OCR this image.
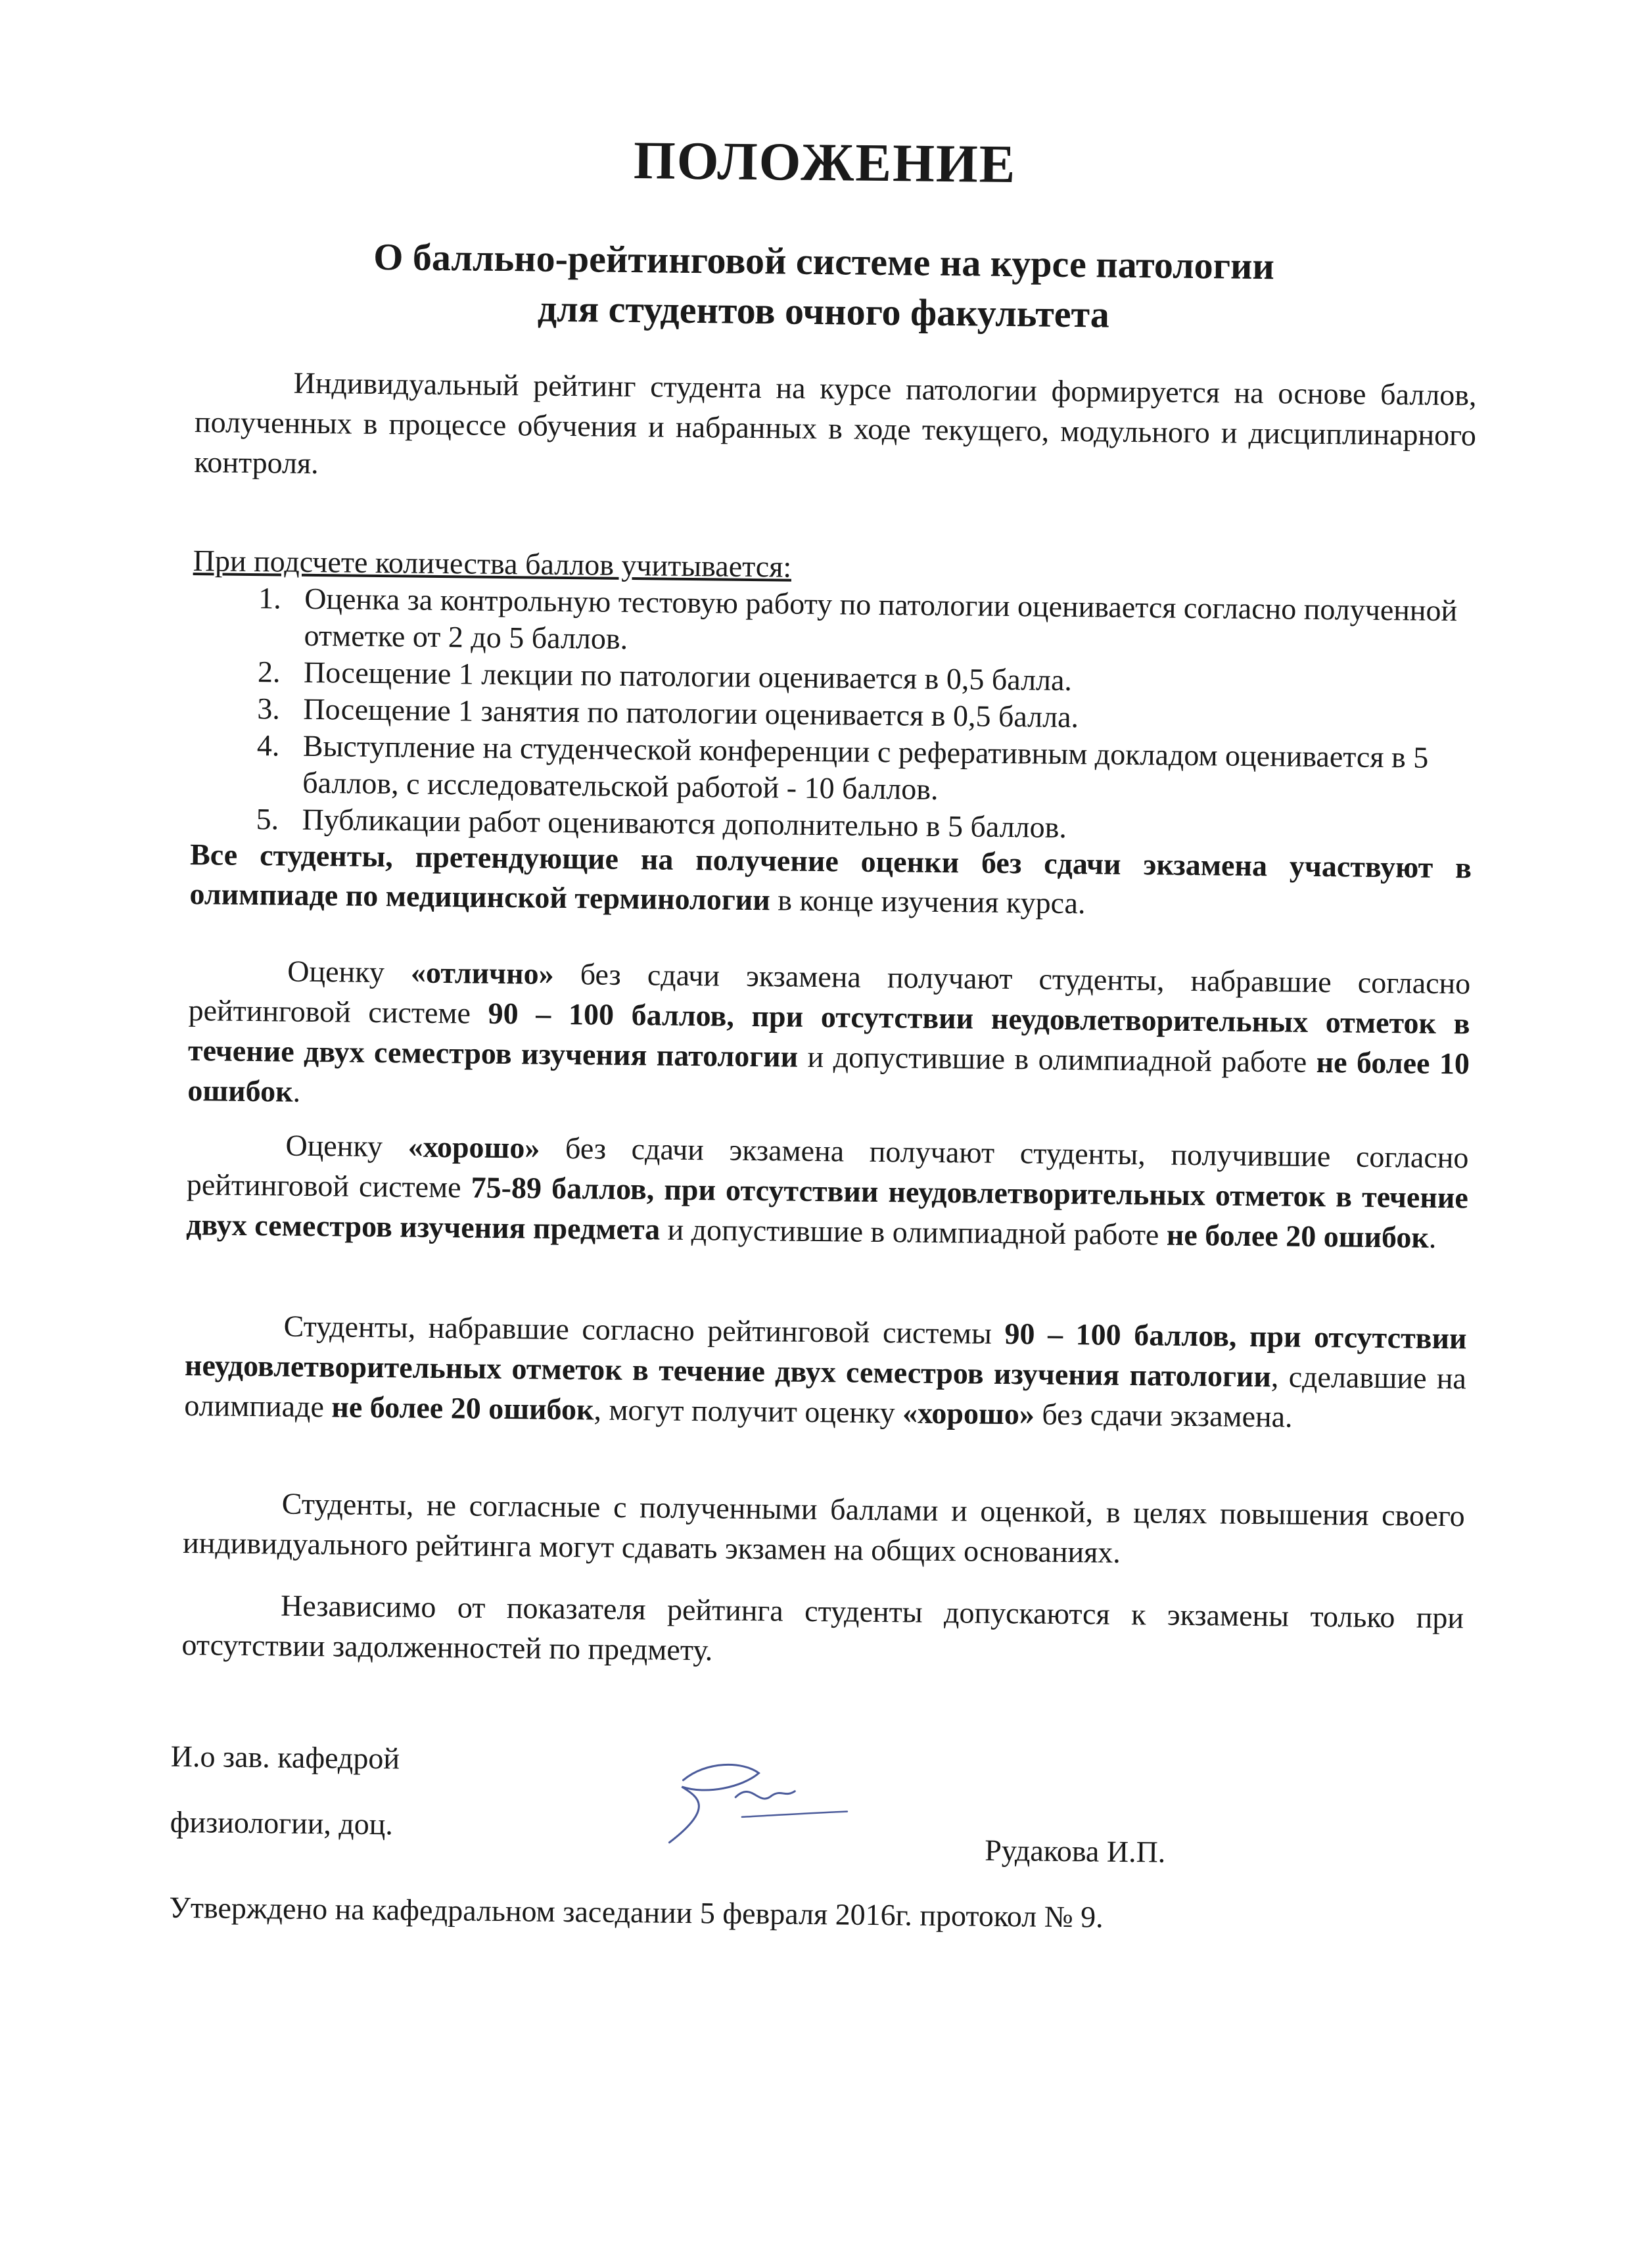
ПОЛОЖЕНИЕ
О балльно-рейтинговой системе на курсе патологии
для студентов очного факультета

Индивидуальный рейтинг студента на курсе патологии формируется на основе баллов, полученных в процессе обучения и набранных в ходе текущего, модульного и дисциплинарного контроля.

При подсчете количества баллов учитывается:
1. Оценка за контрольную тестовую работу по патологии оценивается согласно полученной отметке от 2 до 5 баллов.
2. Посещение 1 лекции по патологии оценивается в 0,5 балла.
3. Посещение 1 занятия по патологии оценивается в 0,5 балла.
4. Выступление на студенческой конференции с реферативным докладом оценивается в 5 баллов, с исследовательской работой - 10 баллов.
5. Публикации работ оцениваются дополнительно в 5 баллов.

Все студенты, претендующие на получение оценки без сдачи экзамена участвуют в олимпиаде по медицинской терминологии в конце изучения курса.

Оценку «отлично» без сдачи экзамена получают студенты, набравшие согласно рейтинговой системе 90 – 100 баллов, при отсутствии неудовлетворительных отметок в течение двух семестров изучения патологии и допустившие в олимпиадной работе не более 10 ошибок.

Оценку «хорошо» без сдачи экзамена получают студенты, получившие согласно рейтинговой системе 75-89 баллов, при отсутствии неудовлетворительных отметок в течение двух семестров изучения предмета и допустившие в олимпиадной работе не более 20 ошибок.

Студенты, набравшие согласно рейтинговой системы 90 – 100 баллов, при отсутствии неудовлетворительных отметок в течение двух семестров изучения патологии, сделавшие на олимпиаде не более 20 ошибок, могут получит оценку «хорошо» без сдачи экзамена.

Студенты, не согласные с полученными баллами и оценкой, в целях повышения своего индивидуального рейтинга могут сдавать экзамен на общих основаниях.

Независимо от показателя рейтинга студенты допускаются к экзамены только при отсутствии задолженностей по предмету.

И.о зав. кафедрой
физиологии, доц.
Рудакова И.П.
Утверждено на кафедральном заседании 5 февраля 2016г. протокол № 9.
